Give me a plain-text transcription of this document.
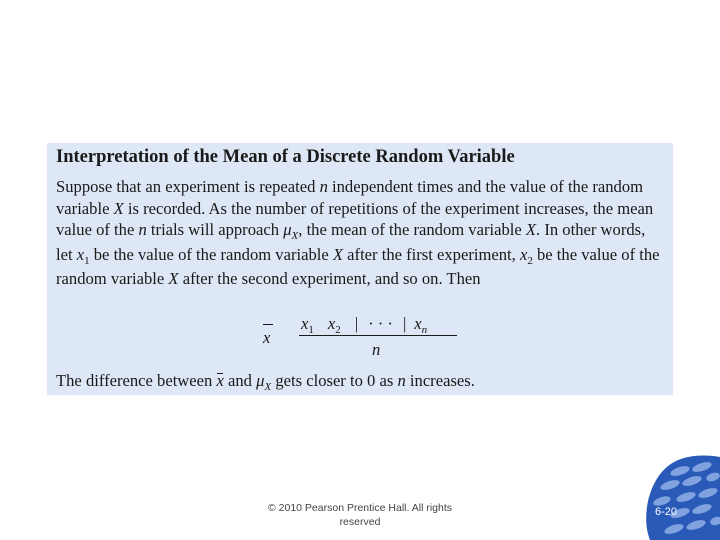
Interpretation of the Mean of a Discrete Random Variable

Suppose that an experiment is repeated n independent times and the value of the random variable X is recorded. As the number of repetitions of the experiment increases, the mean value of the n trials will approach $\mu_X$, the mean of the random variable X. In other words, let $x_1$ be the value of the random variable X after the first experiment, $x_2$ be the value of the random variable X after the second experiment, and so on. Then

x
$x_1$ $x_2$ | · · · | $x_n$
n
The difference between x and $\mu_X$ gets closer to 0 as n increases.
© 2010 Pearson Prentice Hall. All rights reserved
6-20
